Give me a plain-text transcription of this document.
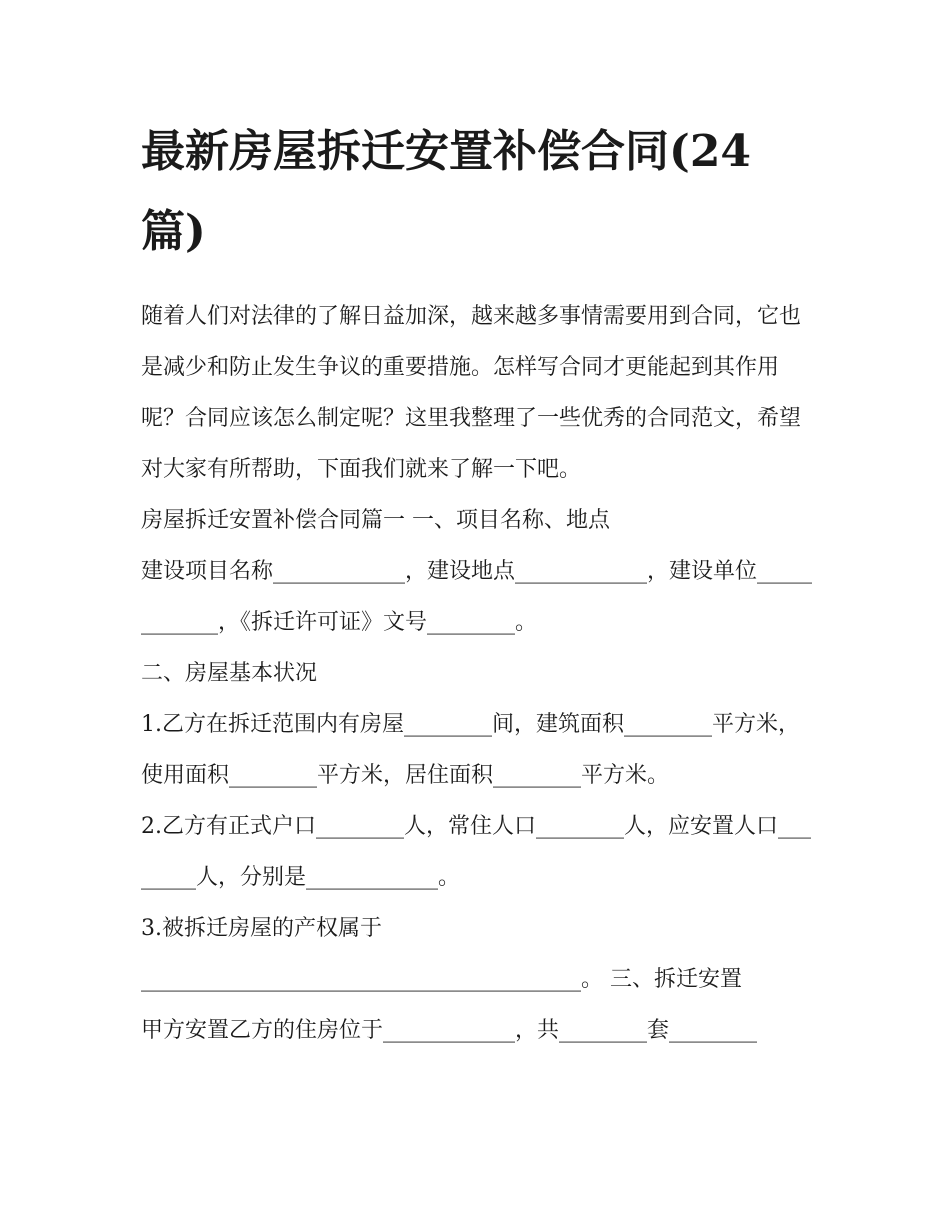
最新房屋拆迁安置补偿合同(24篇)

随着人们对法律的了解日益加深，越来越多事情需要用到合同，它也是减少和防止发生争议的重要措施。怎样写合同才更能起到其作用呢？合同应该怎么制定呢？这里我整理了一些优秀的合同范文，希望对大家有所帮助，下面我们就来了解一下吧。

房屋拆迁安置补偿合同篇一 一、项目名称、地点

建设项目名称____________，建设地点____________，建设单位____________，《拆迁许可证》文号________。

二、房屋基本状况

1.乙方在拆迁范围内有房屋________间，建筑面积________平方米，使用面积________平方米，居住面积________平方米。

2.乙方有正式户口________人，常住人口________人，应安置人口________人，分别是____________。

3.被拆迁房屋的产权属于

________________________________________。 三、拆迁安置

甲方安置乙方的住房位于____________，共________套________
